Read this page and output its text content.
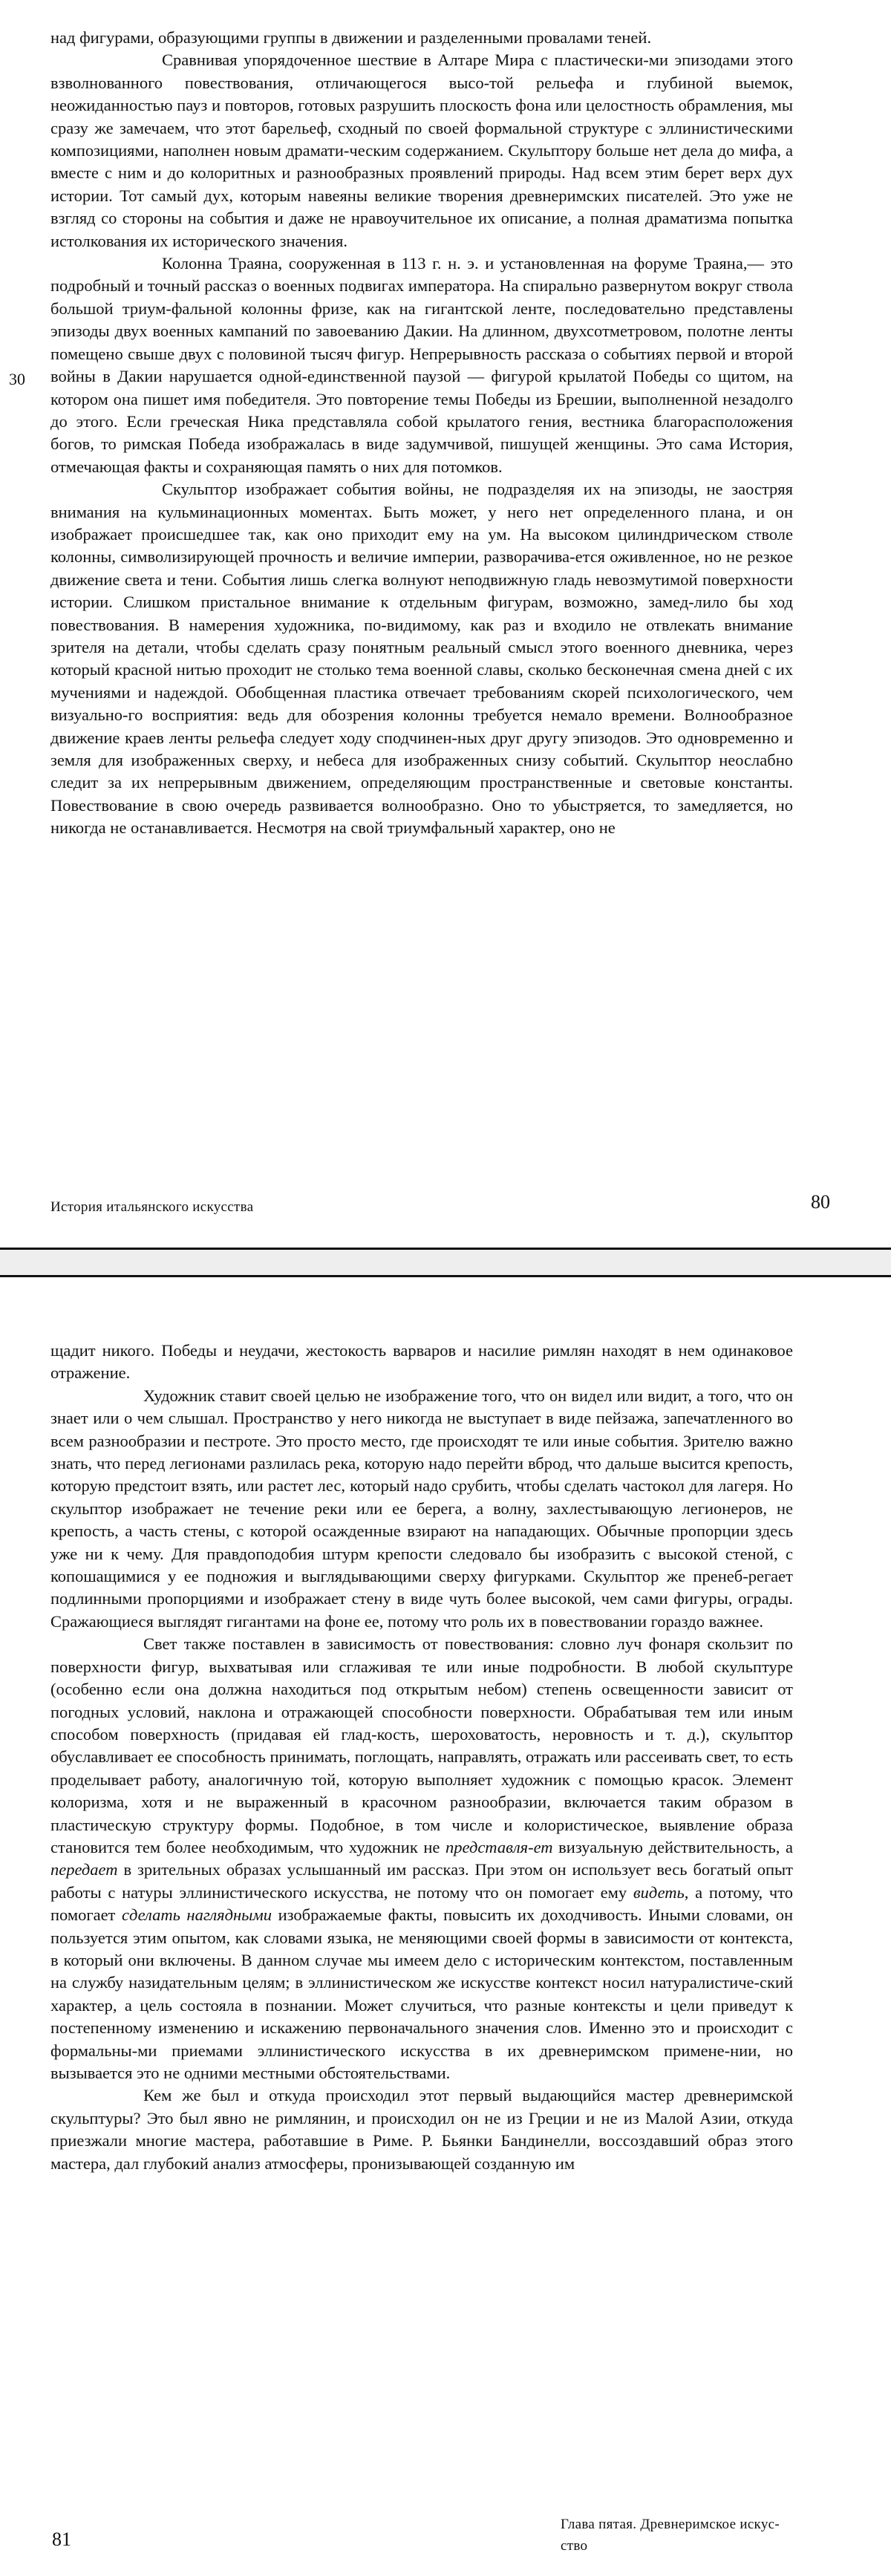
над фигурами, образующими группы в движении и разделенными провалами теней.

Сравнивая упорядоченное шествие в Алтаре Мира с пластически-ми эпизодами этого взволнованного повествования, отличающегося высо-той рельефа и глубиной выемок, неожиданностью пауз и повторов, готовых разрушить плоскость фона или целостность обрамления, мы сразу же замечаем, что этот барельеф, сходный по своей формальной структуре с эллинистическими композициями, наполнен новым драмати-ческим содержанием. Скульптору больше нет дела до мифа, а вместе с ним и до колоритных и разнообразных проявлений природы. Над всем этим берет верх дух истории. Тот самый дух, которым навеяны великие творения древнеримских писателей. Это уже не взгляд со стороны на события и даже не нравоучительное их описание, а полная драматизма попытка истолкования их исторического значения.

Колонна Траяна, сооруженная в 113 г. н. э. и установленная на форуме Траяна,— это подробный и точный рассказ о военных подвигах императора. На спирально развернутом вокруг ствола большой триум-фальной колонны фризе, как на гигантской ленте, последовательно представлены эпизоды двух военных кампаний по завоеванию Дакии. На длинном, двухсотметровом, полотне ленты помещено свыше двух с половиной тысяч фигур. Непрерывность рассказа о событиях первой и второй войны в Дакии нарушается одной-единственной паузой — фигурой крылатой Победы со щитом, на котором она пишет имя победителя. Это повторение темы Победы из Брешии, выполненной незадолго до этого. Если греческая Ника представляла собой крылатого гения, вестника благорасположения богов, то римская Победа изображалась в виде задумчивой, пишущей женщины. Это сама История, отмечающая факты и сохраняющая память о них для потомков.

Скульптор изображает события войны, не подразделяя их на эпизоды, не заостряя внимания на кульминационных моментах. Быть может, у него нет определенного плана, и он изображает происшедшее так, как оно приходит ему на ум. На высоком цилиндрическом стволе колонны, символизирующей прочность и величие империи, разворачива-ется оживленное, но не резкое движение света и тени. События лишь слегка волнуют неподвижную гладь невозмутимой поверхности истории. Слишком пристальное внимание к отдельным фигурам, возможно, замед-лило бы ход повествования. В намерения художника, по-видимому, как раз и входило не отвлекать внимание зрителя на детали, чтобы сделать сразу понятным реальный смысл этого военного дневника, через который красной нитью проходит не столько тема военной славы, сколько бесконечная смена дней с их мучениями и надеждой. Обобщенная пластика отвечает требованиям скорей психологического, чем визуально-го восприятия: ведь для обозрения колонны требуется немало времени. Волнообразное движение краев ленты рельефа следует ходу сподчинен-ных друг другу эпизодов. Это одновременно и земля для изображенных сверху, и небеса для изображенных снизу событий. Скульптор неослабно следит за их непрерывным движением, определяющим пространственные и световые константы. Повествование в свою очередь развивается волнообразно. Оно то убыстряется, то замедляется, но никогда не останавливается. Несмотря на свой триумфальный характер, оно не

30
История итальянского искусства	80

щадит никого. Победы и неудачи, жестокость варваров и насилие римлян находят в нем одинаковое отражение.

Художник ставит своей целью не изображение того, что он видел или видит, а того, что он знает или о чем слышал. Пространство у него никогда не выступает в виде пейзажа, запечатленного во всем разнообразии и пестроте. Это просто место, где происходят те или иные события. Зрителю важно знать, что перед легионами разлилась река, которую надо перейти вброд, что дальше высится крепость, которую предстоит взять, или растет лес, который надо срубить, чтобы сделать частокол для лагеря. Но скульптор изображает не течение реки или ее берега, а волну, захлестывающую легионеров, не крепость, а часть стены, с которой осажденные взирают на нападающих. Обычные пропорции здесь уже ни к чему. Для правдоподобия штурм крепости следовало бы изобразить с высокой стеной, с копошащимися у ее подножия и выглядывающими сверху фигурками. Скульптор же пренеб-регает подлинными пропорциями и изображает стену в виде чуть более высокой, чем сами фигуры, ограды. Сражающиеся выглядят гигантами на фоне ее, потому что роль их в повествовании гораздо важнее.

Свет также поставлен в зависимость от повествования: словно луч фонаря скользит по поверхности фигур, выхватывая или сглаживая те или иные подробности. В любой скульптуре (особенно если она должна находиться под открытым небом) степень освещенности зависит от погодных условий, наклона и отражающей способности поверхности. Обрабатывая тем или иным способом поверхность (придавая ей глад-кость, шероховатость, неровность и т. д.), скульптор обуславливает ее способность принимать, поглощать, направлять, отражать или рассеивать свет, то есть проделывает работу, аналогичную той, которую выполняет художник с помощью красок. Элемент колоризма, хотя и не выраженный в красочном разнообразии, включается таким образом в пластическую структуру формы. Подобное, в том числе и колористическое, выявление образа становится тем более необходимым, что художник не представля-ет визуальную действительность, а передает в зрительных образах услышанный им рассказ. При этом он использует весь богатый опыт работы с натуры эллинистического искусства, не потому что он помогает ему видеть, а потому, что помогает сделать наглядными изображаемые факты, повысить их доходчивость. Иными словами, он пользуется этим опытом, как словами языка, не меняющими своей формы в зависимости от контекста, в который они включены. В данном случае мы имеем дело с историческим контекстом, поставленным на службу назидательным целям; в эллинистическом же искусстве контекст носил натуралистиче-ский характер, а цель состояла в познании. Может случиться, что разные контексты и цели приведут к постепенному изменению и искажению первоначального значения слов. Именно это и происходит с формальны-ми приемами эллинистического искусства в их древнеримском примене-нии, но вызывается это не одними местными обстоятельствами.

Кем же был и откуда происходил этот первый выдающийся мастер древнеримской скульптуры? Это был явно не римлянин, и происходил он не из Греции и не из Малой Азии, откуда приезжали многие мастера, работавшие в Риме. Р. Бьянки Бандинелли, воссоздавший образ этого мастера, дал глубокий анализ атмосферы, пронизывающей созданную им

81
Глава пятая. Древнеримское искус-ство
